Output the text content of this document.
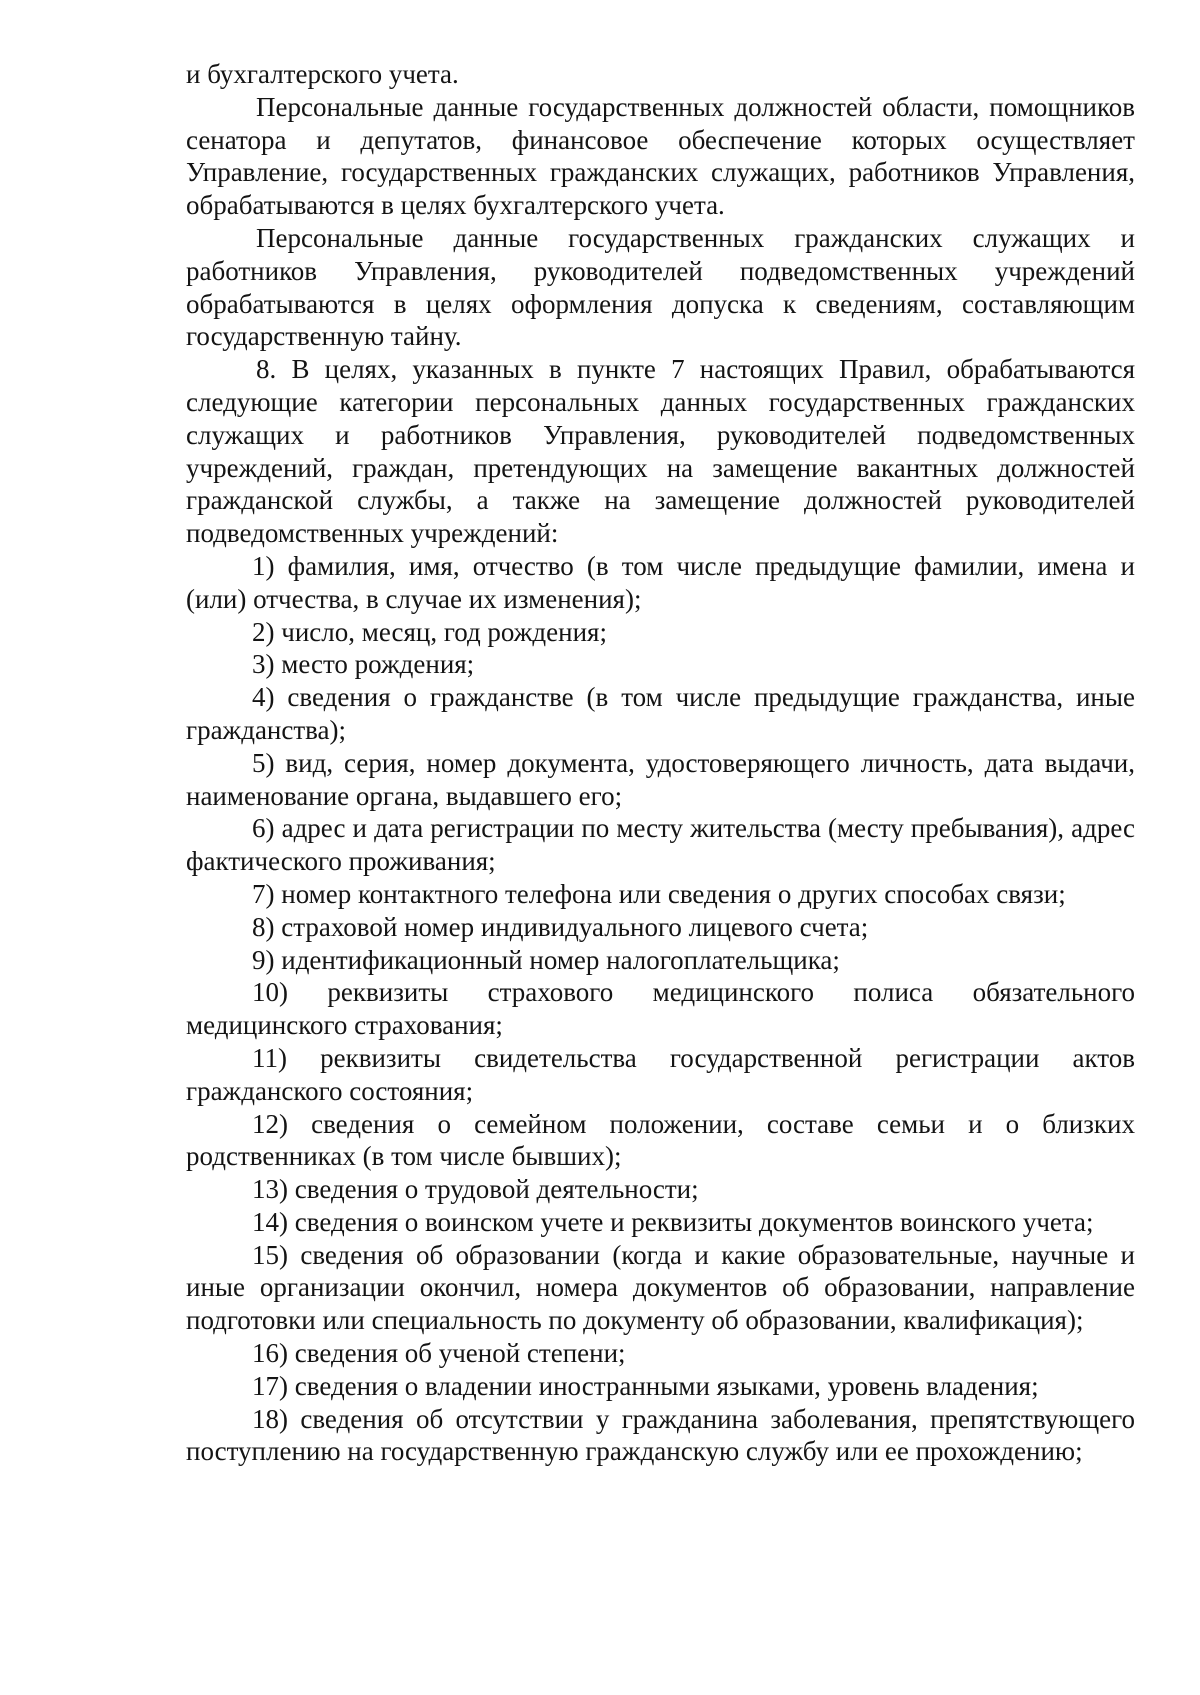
и бухгалтерского учета.

Персональные данные государственных должностей области, помощников сенатора и депутатов, финансовое обеспечение которых осуществляет Управление, государственных гражданских служащих, работников Управления, обрабатываются в целях бухгалтерского учета.

Персональные данные государственных гражданских служащих и работников Управления, руководителей подведомственных учреждений обрабатываются в целях оформления допуска к сведениям, составляющим государственную тайну.

8. В целях, указанных в пункте 7 настоящих Правил, обрабатываются следующие категории персональных данных государственных гражданских служащих и работников Управления, руководителей подведомственных учреждений, граждан, претендующих на замещение вакантных должностей гражданской службы, а также на замещение должностей руководителей подведомственных учреждений:

1) фамилия, имя, отчество (в том числе предыдущие фамилии, имена и (или) отчества, в случае их изменения);

2) число, месяц, год рождения;

3) место рождения;

4) сведения о гражданстве (в том числе предыдущие гражданства, иные гражданства);

5) вид, серия, номер документа, удостоверяющего личность, дата выдачи, наименование органа, выдавшего его;

6) адрес и дата регистрации по месту жительства (месту пребывания), адрес фактического проживания;

7) номер контактного телефона или сведения о других способах связи;

8) страховой номер индивидуального лицевого счета;

9) идентификационный номер налогоплательщика;

10) реквизиты страхового медицинского полиса обязательного медицинского страхования;

11) реквизиты свидетельства государственной регистрации актов гражданского состояния;

12) сведения о семейном положении, составе семьи и о близких родственниках (в том числе бывших);

13) сведения о трудовой деятельности;

14) сведения о воинском учете и реквизиты документов воинского учета;

15) сведения об образовании (когда и какие образовательные, научные и иные организации окончил, номера документов об образовании, направление подготовки или специальность по документу об образовании, квалификация);

16) сведения об ученой степени;

17) сведения о владении иностранными языками, уровень владения;

18) сведения об отсутствии у гражданина заболевания, препятствующего поступлению на государственную гражданскую службу или ее прохождению;
